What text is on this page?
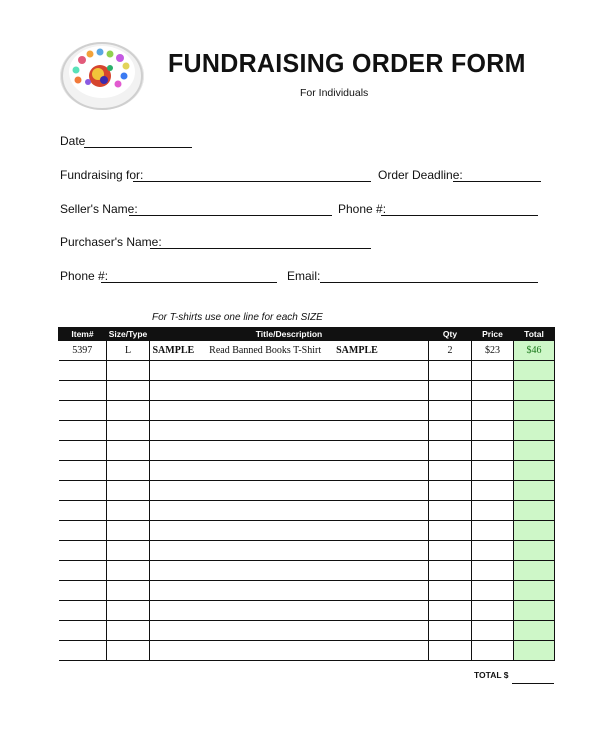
FUNDRAISING ORDER FORM
For Individuals
Date
Fundraising for:	Order Deadline:
Seller's Name:	Phone #:
Purchaser's Name:
Phone #:	Email:
For T-shirts use one line for each SIZE
Item#	Size/Type	Title/Description	Qty	Price	Total
5397	L	SAMPLE Read Banned Books T-Shirt SAMPLE	2	$23	$46

TOTAL $
